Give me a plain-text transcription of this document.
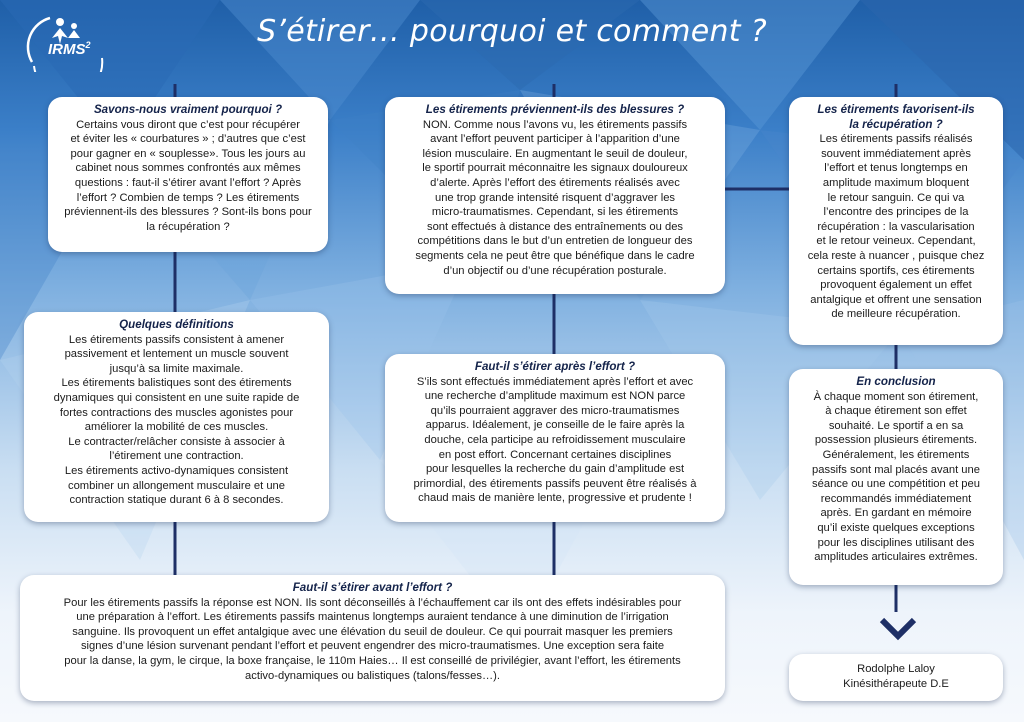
IRMS$^2$	S’étirer… pourquoi et comment ?
Savons-nous vraiment pourquoi ?

Certains vous diront que c’est pour récupérer
et éviter les « courbatures » ; d’autres que c’est
pour gagner en « souplesse». Tous les jours au
cabinet nous sommes confrontés aux mêmes
questions : faut-il s’étirer avant l’effort ? Après
l’effort ? Combien de temps ? Les étirements
préviennent-ils des blessures ? Sont-ils bons pour
la récupération ?

Quelques définitions

Les étirements passifs consistent à amener
passivement et lentement un muscle souvent
jusqu’à sa limite maximale.
Les étirements balistiques sont des étirements
dynamiques qui consistent en une suite rapide de
fortes contractions des muscles agonistes pour
améliorer la mobilité de ces muscles.
Le contracter/relâcher consiste à associer à
l’étirement une contraction.
Les étirements activo-dynamiques consistent
combiner un allongement musculaire et une
contraction statique durant 6 à 8 secondes.

Les étirements préviennent-ils des blessures ?

NON. Comme nous l’avons vu, les étirements passifs
avant l’effort peuvent participer à l’apparition d’une
lésion musculaire. En augmentant le seuil de douleur,
le sportif pourrait méconnaitre les signaux douloureux
d’alerte. Après l’effort des étirements réalisés avec
une trop grande intensité risquent d’aggraver les
micro-traumatismes. Cependant, si les étirements
sont effectués à distance des entraînements ou des
compétitions dans le but d’un entretien de longueur des
segments cela ne peut être que bénéfique dans le cadre
d’un objectif ou d’une récupération posturale.

Faut-il s’étirer après l’effort ?

S’ils sont effectués immédiatement après l’effort et avec
une recherche d’amplitude maximum est NON parce
qu’ils pourraient aggraver des micro-traumatismes
apparus. Idéalement, je conseille de le faire après la
douche, cela participe au refroidissement musculaire
en post effort. Concernant certaines disciplines
pour lesquelles la recherche du gain d’amplitude est
primordial, des étirements passifs peuvent être réalisés à
chaud mais de manière lente, progressive et prudente !

Les étirements favorisent-ils
la récupération ?

Les étirements passifs réalisés
souvent immédiatement après
l’effort et tenus longtemps en
amplitude maximum bloquent
le retour sanguin. Ce qui va
l’encontre des principes de la
récupération : la vascularisation
et le retour veineux. Cependant,
cela reste à nuancer , puisque chez
certains sportifs, ces étirements
provoquent également un effet
antalgique et offrent une sensation
de meilleure récupération.

En conclusion

À chaque moment son étirement,
à chaque étirement son effet
souhaité. Le sportif a en sa
possession plusieurs étirements.
Généralement, les étirements
passifs sont mal placés avant une
séance ou une compétition et peu
recommandés immédiatement
après. En gardant en mémoire
qu’il existe quelques exceptions
pour les disciplines utilisant des
amplitudes articulaires extrêmes.

Faut-il s’étirer avant l’effort ?

Pour les étirements passifs la réponse est NON. Ils sont déconseillés à l’échauffement car ils ont des effets indésirables pour
une préparation à l’effort. Les étirements passifs maintenus longtemps auraient tendance à une diminution de l’irrigation
sanguine. Ils provoquent un effet antalgique avec une élévation du seuil de douleur. Ce qui pourrait masquer les premiers
signes d’une lésion survenant pendant l’effort et peuvent engendrer des micro-traumatismes. Une exception sera faite
pour la danse, la gym, le cirque, la boxe française, le 110m Haies… Il est conseillé de privilégier, avant l’effort, les étirements
activo-dynamiques ou balistiques (talons/fesses…).

Rodolphe Laloy

Kinésithérapeute D.E
